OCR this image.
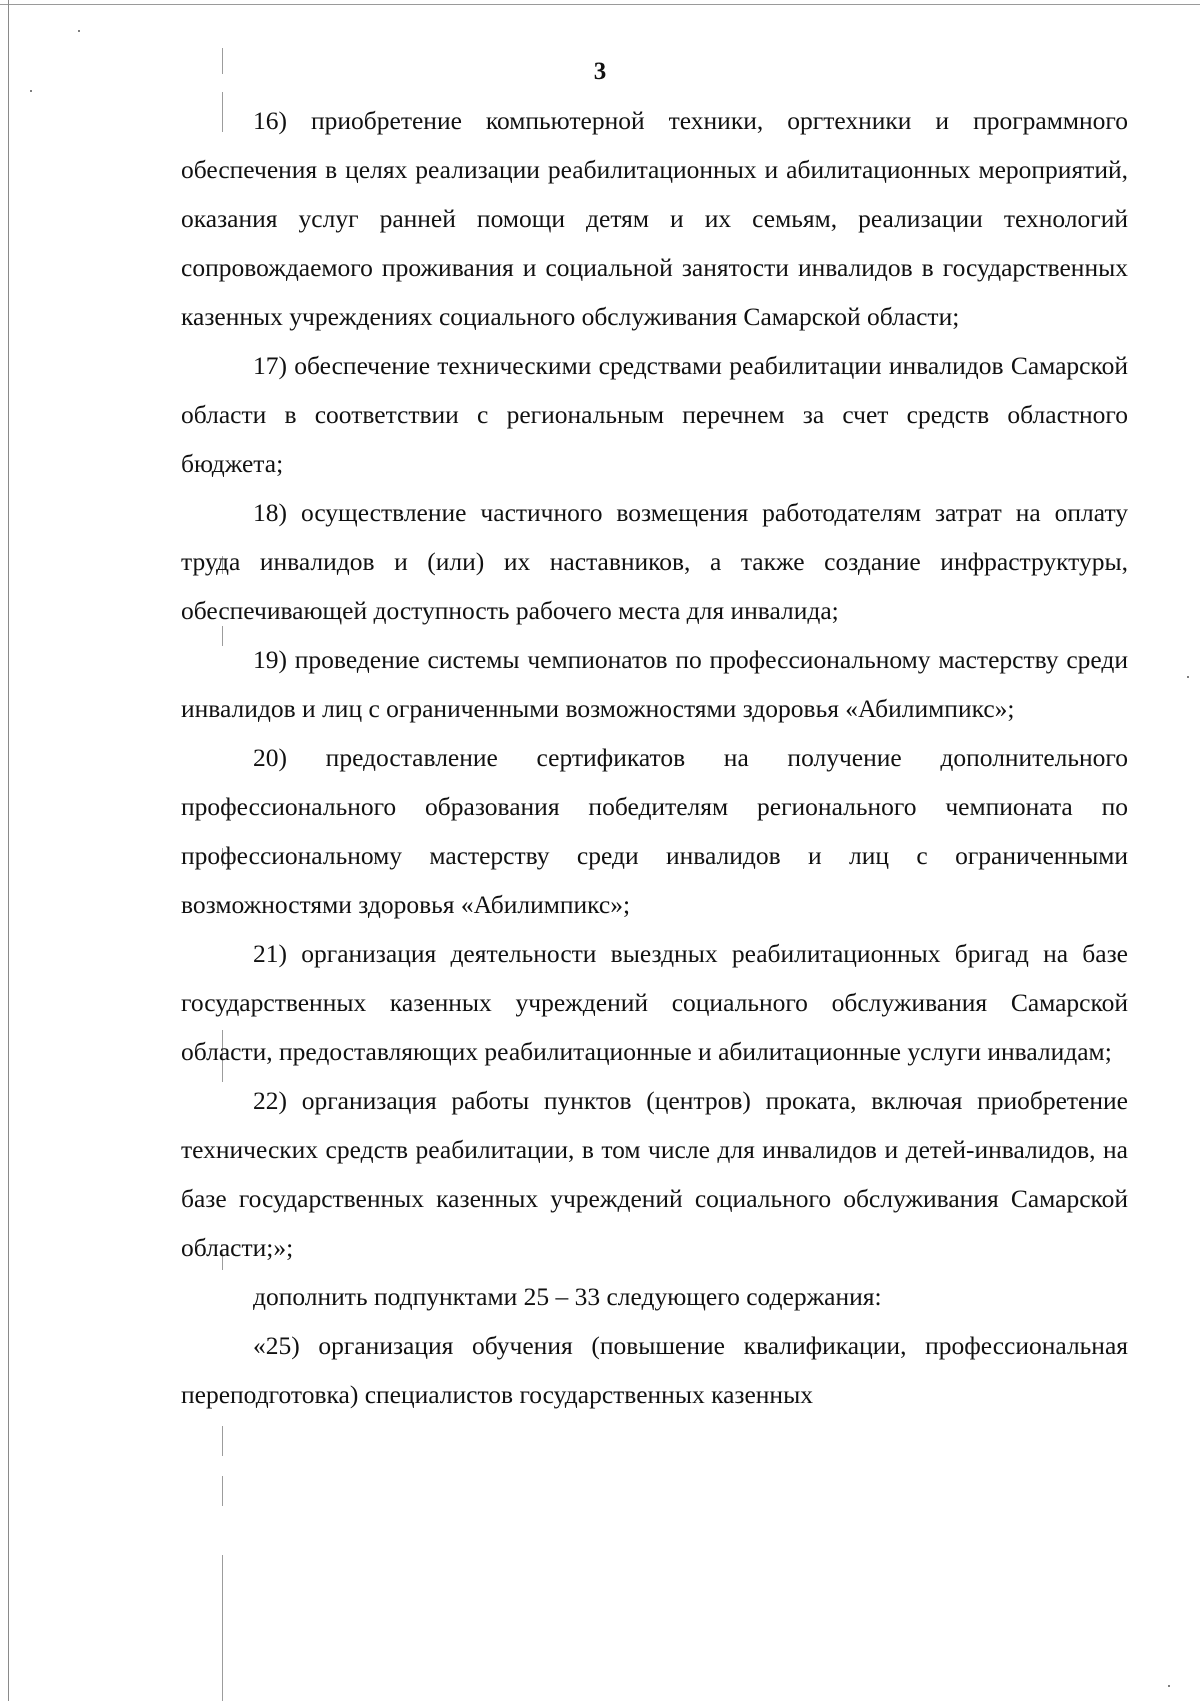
3

16) приобретение компьютерной техники, оргтехники и программного обеспечения в целях реализации реабилитационных и абилитационных мероприятий, оказания услуг ранней помощи детям и их семьям, реализации технологий сопровождаемого проживания и социальной занятости инвалидов в государственных казенных учреждениях социального обслуживания Самарской области;

17) обеспечение техническими средствами реабилитации инвалидов Самарской области в соответствии с региональным перечнем за счет средств областного бюджета;

18) осуществление частичного возмещения работодателям затрат на оплату труда инвалидов и (или) их наставников, а также создание инфраструктуры, обеспечивающей доступность рабочего места для инвалида;

19) проведение системы чемпионатов по профессиональному мастерству среди инвалидов и лиц с ограниченными возможностями здоровья «Абилимпикс»;

20) предоставление сертификатов на получение дополнительного профессионального образования победителям регионального чемпионата по профессиональному мастерству среди инвалидов и лиц с ограниченными возможностями здоровья «Абилимпикс»;

21) организация деятельности выездных реабилитационных бригад на базе государственных казенных учреждений социального обслуживания Самарской области, предоставляющих реабилитационные и абилитационные услуги инвалидам;

22) организация работы пунктов (центров) проката, включая приобретение технических средств реабилитации, в том числе для инвалидов и детей-инвалидов, на базе государственных казенных учреждений социального обслуживания Самарской области;»;

дополнить подпунктами 25 – 33 следующего содержания:

«25) организация обучения (повышение квалификации, профессиональная переподготовка) специалистов государственных казенных
